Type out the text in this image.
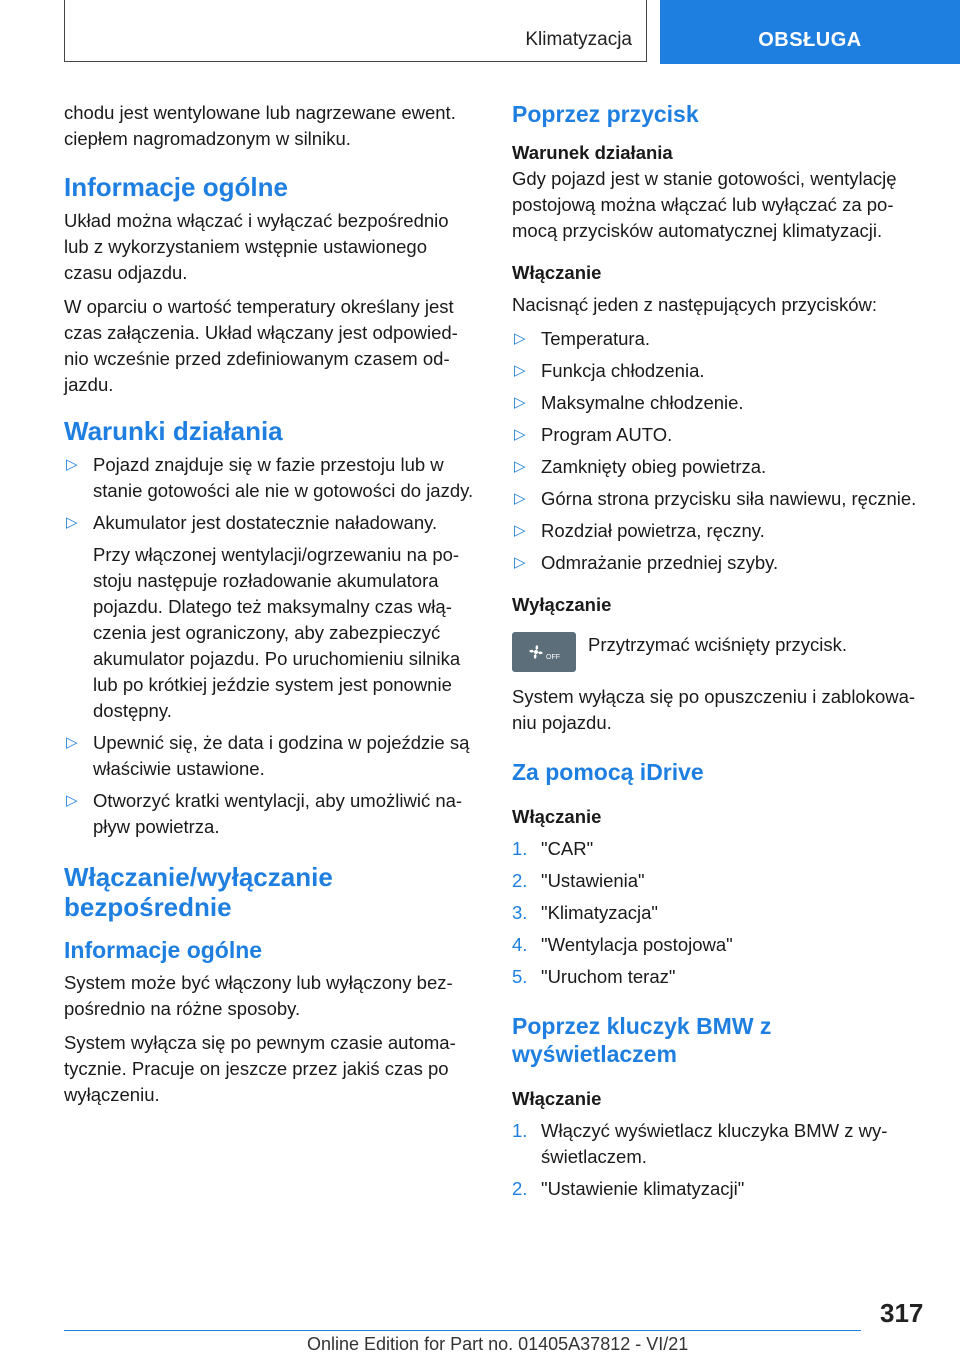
Klimatyzacja	OBSŁUGA

chodu jest wentylowane lub nagrzewane ewent. ciepłem nagromadzonym w silniku.

Informacje ogólne

Układ można włączać i wyłączać bezpośrednio lub z wykorzystaniem wstępnie ustawionego czasu odjazdu.

W oparciu o wartość temperatury określany jest czas załączenia. Układ włączany jest odpowiednio wcześnie przed zdefiniowanym czasem odjazdu.

Warunki działania
▷ Pojazd znajduje się w fazie przestoju lub w stanie gotowości ale nie w gotowości do jazdy.
▷ Akumulator jest dostatecznie naładowany.
Przy włączonej wentylacji/ogrzewaniu na postoju następuje rozładowanie akumulatora pojazdu. Dlatego też maksymalny czas włączenia jest ograniczony, aby zabezpieczyć akumulator pojazdu. Po uruchomieniu silnika lub po krótkiej jeździe system jest ponownie dostępny.
▷ Upewnić się, że data i godzina w pojeździe są właściwie ustawione.
▷ Otworzyć kratki wentylacji, aby umożliwić napływ powietrza.
Włączanie/wyłączanie bezpośrednie
Informacje ogólne

System może być włączony lub wyłączony bezpośrednio na różne sposoby.

System wyłącza się po pewnym czasie automatycznie. Pracuje on jeszcze przez jakiś czas po wyłączeniu.

Poprzez przycisk
Warunek działania

Gdy pojazd jest w stanie gotowości, wentylację postojową można włączać lub wyłączać za pomocą przycisków automatycznej klimatyzacji.

Włączanie

Nacisnąć jeden z następujących przycisków:

▷ Temperatura.
▷ Funkcja chłodzenia.
▷ Maksymalne chłodzenie.
▷ Program AUTO.
▷ Zamknięty obieg powietrza.
▷ Górna strona przycisku siła nawiewu, ręcznie.
▷ Rozdział powietrza, ręczny.
▷ Odmrażanie przedniej szyby.
Wyłączanie
OFF

Przytrzymać wciśnięty przycisk.

System wyłącza się po opuszczeniu i zablokowaniu pojazdu.

Za pomocą iDrive
Włączanie
1. "CAR"
2. "Ustawienia"
3. "Klimatyzacja"
4. "Wentylacja postojowa"
5. "Uruchom teraz"
Poprzez kluczyk BMW z wyświetlaczem
Włączanie
1. Włączyć wyświetlacz kluczyka BMW z wyświetlaczem.
2. "Ustawienie klimatyzacji"
317
Online Edition for Part no. 01405A37812 - VI/21
